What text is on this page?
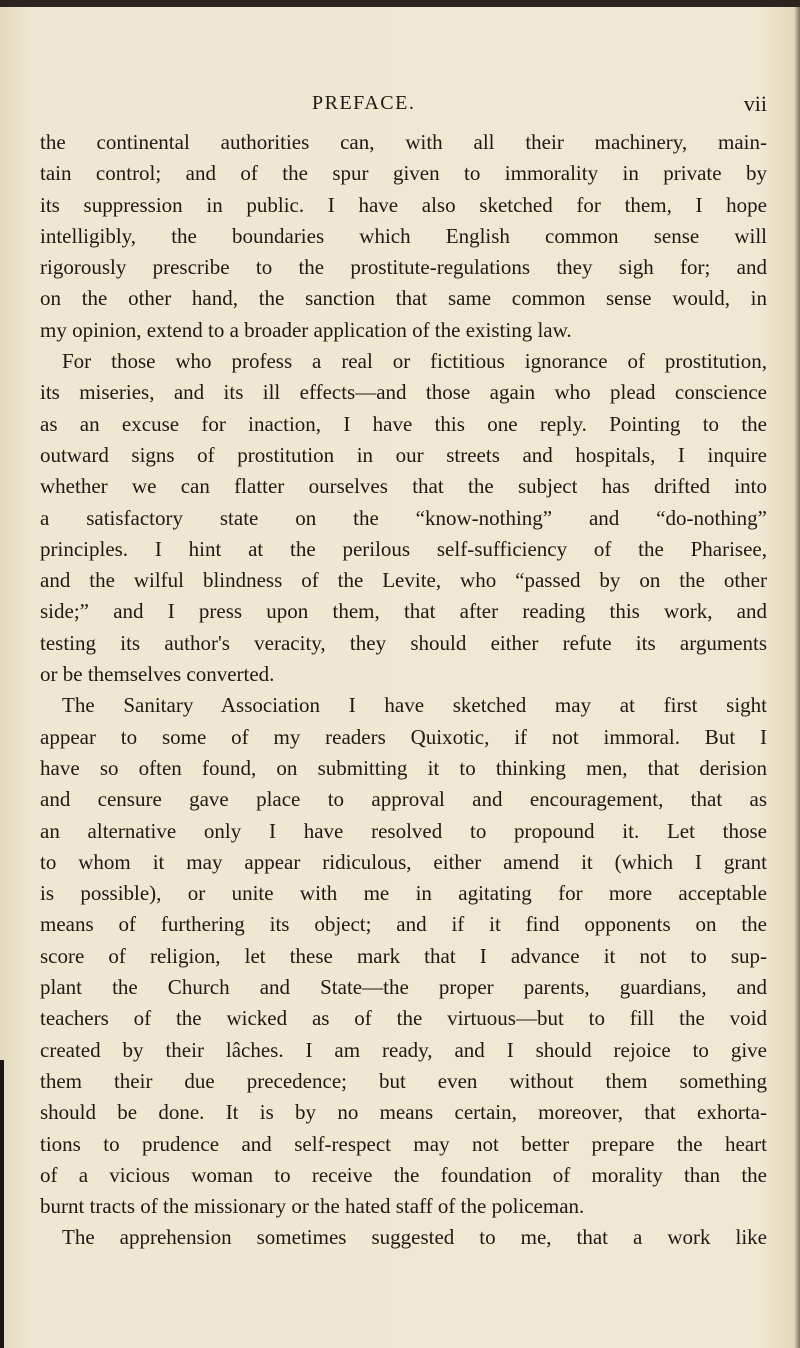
PREFACE.	vii
the continental authorities can, with all their machinery, main-
tain control; and of the spur given to immorality in private by
its suppression in public. I have also sketched for them, I hope
intelligibly, the boundaries which English common sense will
rigorously prescribe to the prostitute-regulations they sigh for; and
on the other hand, the sanction that same common sense would, in
my opinion, extend to a broader application of the existing law.
For those who profess a real or fictitious ignorance of prostitution,
its miseries, and its ill effects—and those again who plead conscience
as an excuse for inaction, I have this one reply. Pointing to the
outward signs of prostitution in our streets and hospitals, I inquire
whether we can flatter ourselves that the subject has drifted into
a satisfactory state on the “know-nothing” and “do-nothing”
principles. I hint at the perilous self-sufficiency of the Pharisee,
and the wilful blindness of the Levite, who “passed by on the other
side;” and I press upon them, that after reading this work, and
testing its author's veracity, they should either refute its arguments
or be themselves converted.
The Sanitary Association I have sketched may at first sight
appear to some of my readers Quixotic, if not immoral. But I
have so often found, on submitting it to thinking men, that derision
and censure gave place to approval and encouragement, that as
an alternative only I have resolved to propound it. Let those
to whom it may appear ridiculous, either amend it (which I grant
is possible), or unite with me in agitating for more acceptable
means of furthering its object; and if it find opponents on the
score of religion, let these mark that I advance it not to sup-
plant the Church and State—the proper parents, guardians, and
teachers of the wicked as of the virtuous—but to fill the void
created by their lâches. I am ready, and I should rejoice to give
them their due precedence; but even without them something
should be done. It is by no means certain, moreover, that exhorta-
tions to prudence and self-respect may not better prepare the heart
of a vicious woman to receive the foundation of morality than the
burnt tracts of the missionary or the hated staff of the policeman.
The apprehension sometimes suggested to me, that a work like
